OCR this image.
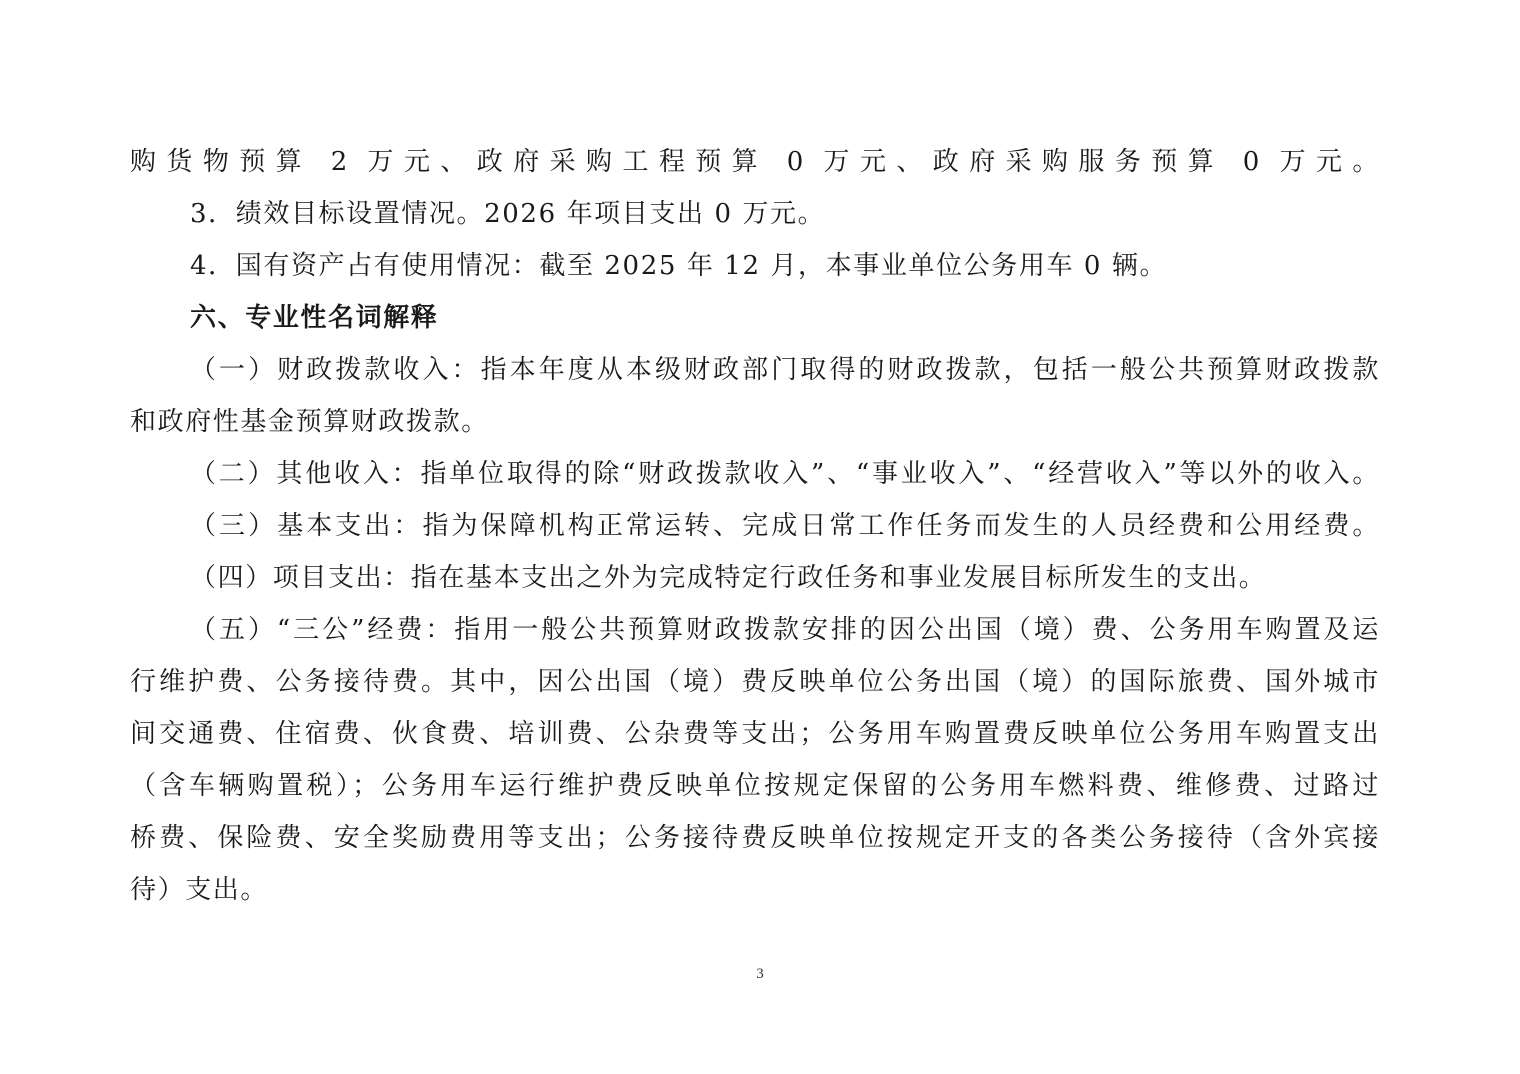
购货物预算 2 万元、政府采购工程预算 0 万元、政府采购服务预算 0 万元。
3．绩效目标设置情况。2026 年项目支出 0 万元。
4．国有资产占有使用情况：截至 2025 年 12 月，本事业单位公务用车 0 辆。
六、专业性名词解释
（一）财政拨款收入：指本年度从本级财政部门取得的财政拨款，包括一般公共预算财政拨款
和政府性基金预算财政拨款。
（二）其他收入：指单位取得的除“财政拨款收入”、“事业收入”、“经营收入”等以外的收入。
（三）基本支出：指为保障机构正常运转、完成日常工作任务而发生的人员经费和公用经费。
（四）项目支出：指在基本支出之外为完成特定行政任务和事业发展目标所发生的支出。
（五）“三公”经费：指用一般公共预算财政拨款安排的因公出国（境）费、公务用车购置及运
行维护费、公务接待费。其中，因公出国（境）费反映单位公务出国（境）的国际旅费、国外城市
间交通费、住宿费、伙食费、培训费、公杂费等支出；公务用车购置费反映单位公务用车购置支出
（含车辆购置税）；公务用车运行维护费反映单位按规定保留的公务用车燃料费、维修费、过路过
桥费、保险费、安全奖励费用等支出；公务接待费反映单位按规定开支的各类公务接待（含外宾接
待）支出。
3
